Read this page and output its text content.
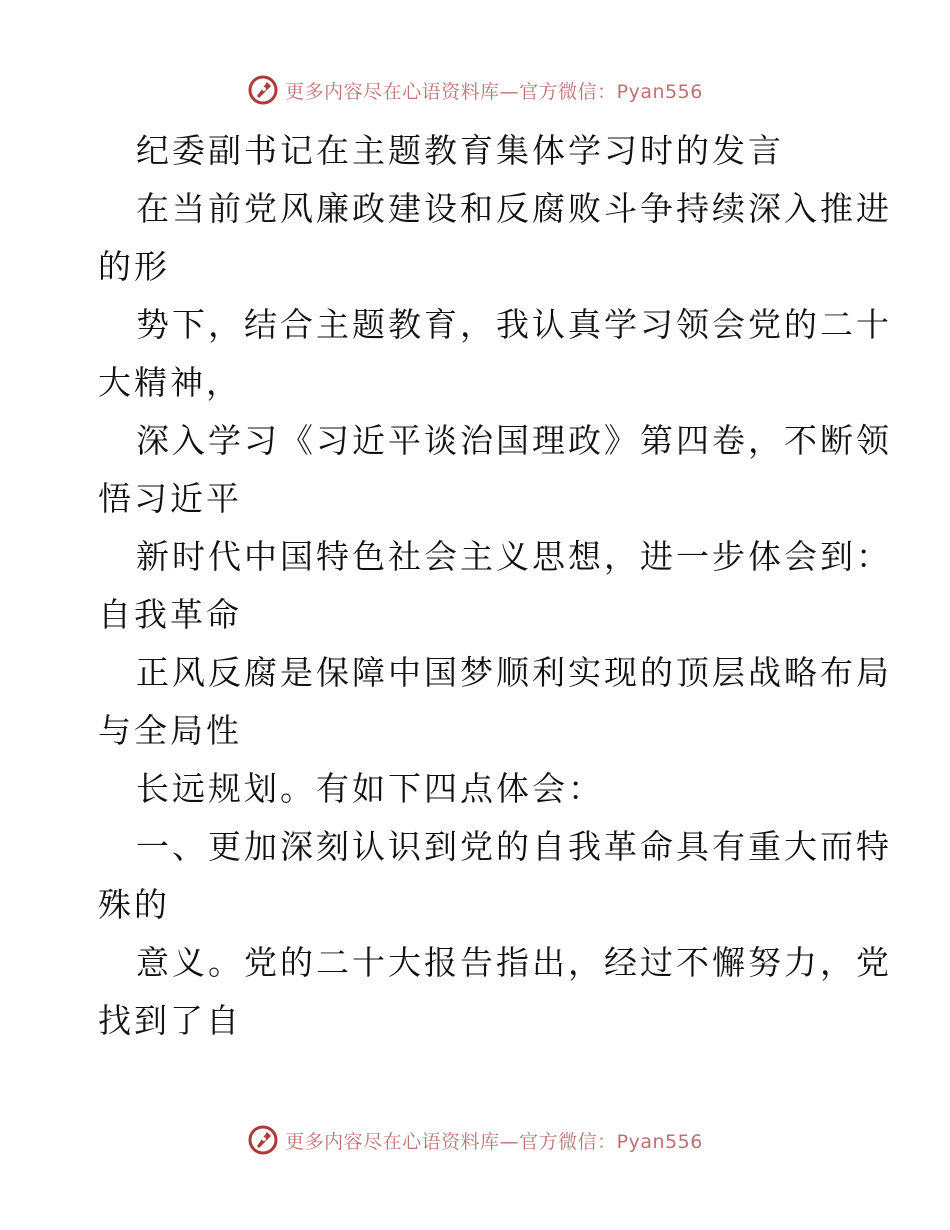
更多内容尽在心语资料库—官方微信：Pyan556
纪委副书记在主题教育集体学习时的发言
在当前党风廉政建设和反腐败斗争持续深入推进
的形
势下，结合主题教育，我认真学习领会党的二十
大精神，
深入学习《习近平谈治国理政》第四卷，不断领
悟习近平
新时代中国特色社会主义思想，进一步体会到：
自我革命
正风反腐是保障中国梦顺利实现的顶层战略布局
与全局性
长远规划。有如下四点体会：
一、更加深刻认识到党的自我革命具有重大而特
殊的
意义。党的二十大报告指出，经过不懈努力，党
找到了自
更多内容尽在心语资料库—官方微信：Pyan556
